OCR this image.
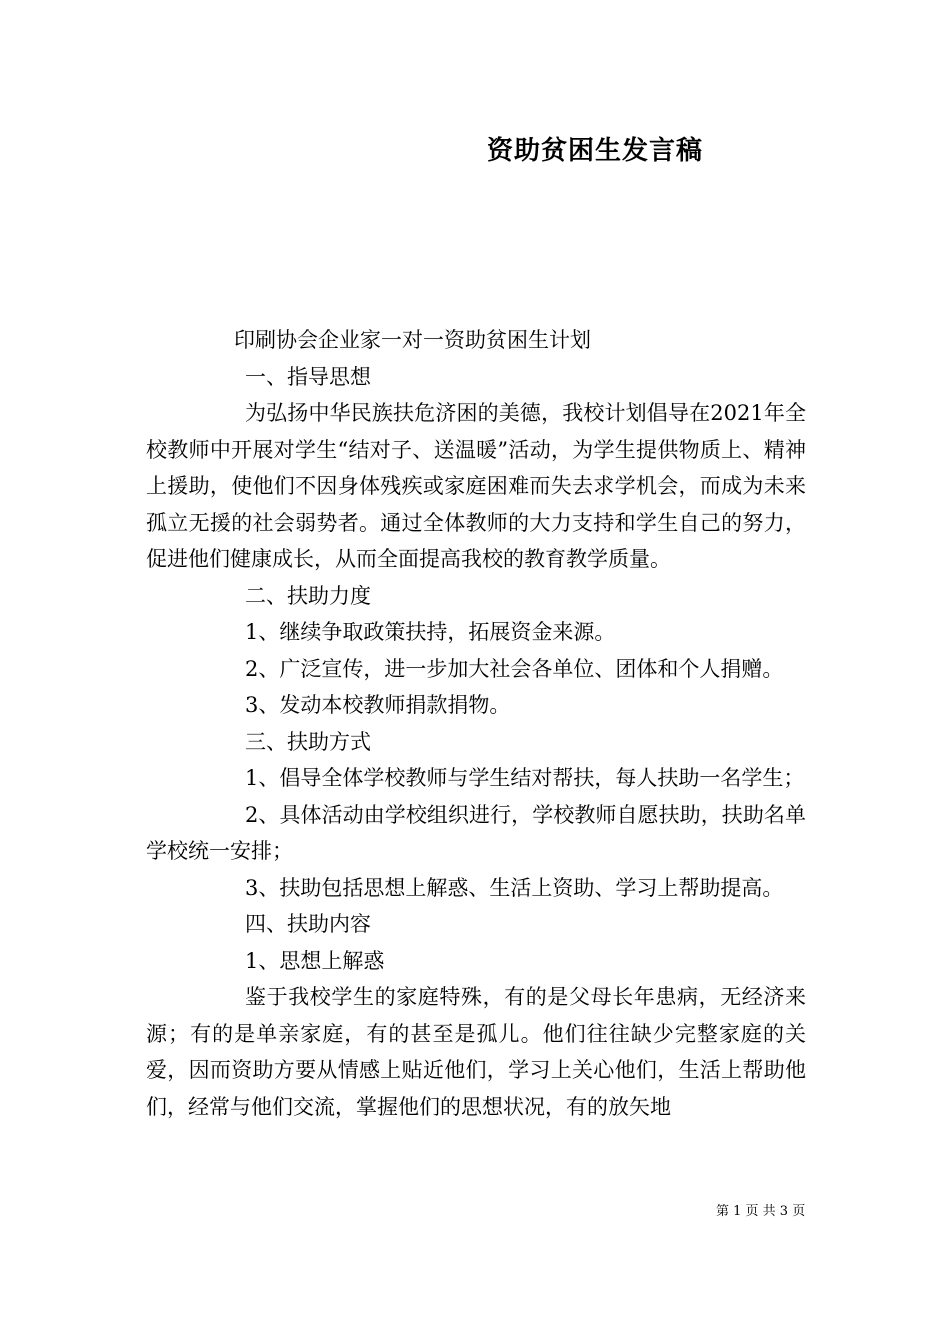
资助贫困生发言稿

印刷协会企业家一对一资助贫困生计划

一、指导思想

为弘扬中华民族扶危济困的美德，我校计划倡导在2021年全校教师中开展对学生“结对子、送温暖”活动，为学生提供物质上、精神上援助，使他们不因身体残疾或家庭困难而失去求学机会，而成为未来孤立无援的社会弱势者。通过全体教师的大力支持和学生自己的努力，促进他们健康成长，从而全面提高我校的教育教学质量。

二、扶助力度

1、继续争取政策扶持，拓展资金来源。

2、广泛宣传，进一步加大社会各单位、团体和个人捐赠。

3、发动本校教师捐款捐物。

三、扶助方式

1、倡导全体学校教师与学生结对帮扶，每人扶助一名学生；

2、具体活动由学校组织进行，学校教师自愿扶助，扶助名单学校统一安排；

3、扶助包括思想上解惑、生活上资助、学习上帮助提高。

四、扶助内容

1、思想上解惑

鉴于我校学生的家庭特殊，有的是父母长年患病，无经济来源；有的是单亲家庭，有的甚至是孤儿。他们往往缺少完整家庭的关爱，因而资助方要从情感上贴近他们，学习上关心他们，生活上帮助他们，经常与他们交流，掌握他们的思想状况，有的放矢地

第 1 页 共 3 页
